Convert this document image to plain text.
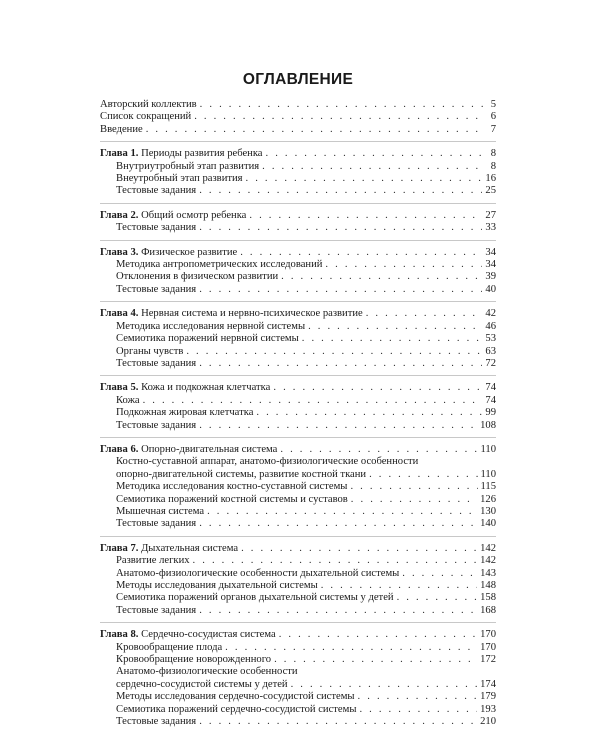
ОГЛАВЛЕНИЕ
Авторский коллектив . . .	5
Список сокращений . . .	6
Введение . . .	7
Глава 1. Периоды развития ребенка . . .	8
Внутриутробный этап развития . . .	8
Внеутробный этап развития . . .	16
Тестовые задания . . .	25
Глава 2. Общий осмотр ребенка . . .	27
Тестовые задания . . .	33
Глава 3. Физическое развитие . . .	34
Методика антропометрических исследований . . .	34
Отклонения в физическом развитии . . .	39
Тестовые задания . . .	40
Глава 4. Нервная система и нервно-психическое развитие . . .	42
Методика исследования нервной системы . . .	46
Семиотика поражений нервной системы . . .	53
Органы чувств . . .	63
Тестовые задания . . .	72
Глава 5. Кожа и подкожная клетчатка . . .	74
Кожа . . .	74
Подкожная жировая клетчатка . . .	99
Тестовые задания . . .	108
Глава 6. Опорно-двигательная система . . .	110
Костно-суставной аппарат, анатомо-физиологические особенности
опорно-двигательной системы, развитие костной ткани . . .	110
Методика исследования костно-суставной системы . . .	115
Семиотика поражений костной системы и суставов . . .	126
Мышечная система . . .	130
Тестовые задания . . .	140
Глава 7. Дыхательная система . . .	142
Развитие легких . . .	142
Анатомо-физиологические особенности дыхательной системы . . .	143
Методы исследования дыхательной системы . . .	148
Семиотика поражений органов дыхательной системы у детей . . .	158
Тестовые задания . . .	168
Глава 8. Сердечно-сосудистая система . . .	170
Кровообращение плода . . .	170
Кровообращение новорожденного . . .	172
Анатомо-физиологические особенности
сердечно-сосудистой системы у детей . . .	174
Методы исследования сердечно-сосудистой системы . . .	179
Семиотика поражений сердечно-сосудистой системы . . .	193
Тестовые задания . . .	210
